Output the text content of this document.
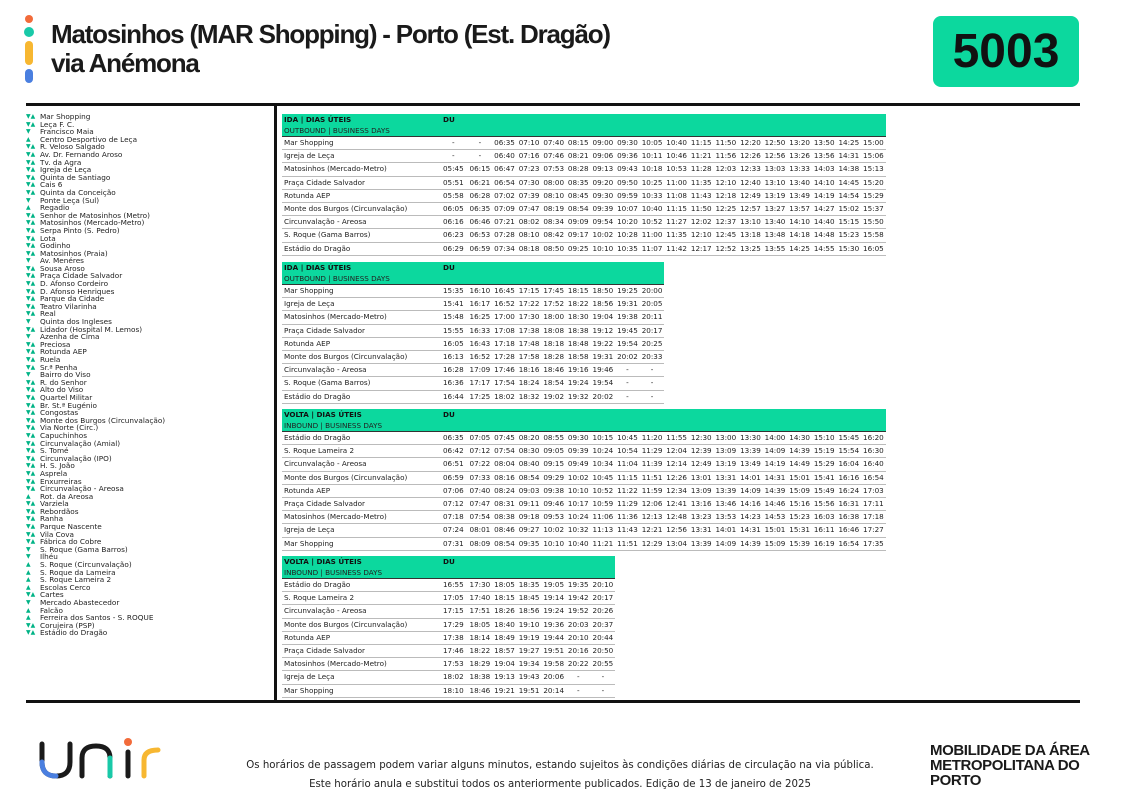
Matosinhos (MAR Shopping) - Porto (Est. Dragão)
via Anémona	5003
▼▲ Mar Shopping
▼▲ Leça F. C.
▼	Francisco Maia
▲	Centro Desportivo de Leça
▼▲ R. Veloso Salgado
▼▲ Av. Dr. Fernando Aroso
▼▲ Tv. da Agra
▼▲ Igreja de Leça
▼▲ Quinta de Santiago
▼▲ Cais 6
▼▲ Quinta da Conceição
▼	Ponte Leça (Sul)
▲	Regadio
▼▲ Senhor de Matosinhos (Metro)
▼▲ Matosinhos (Mercado-Metro)
▼▲ Serpa Pinto (S. Pedro)
▼▲ Lota
▼▲ Godinho
▼▲ Matosinhos (Praia)
▼	Av. Menéres
▼▲ Sousa Aroso
▼▲ Praça Cidade Salvador
▼▲ D. Afonso Cordeiro
▼▲ D. Afonso Henriques
▼▲ Parque da Cidade
▼▲ Teatro Vilarinha
▼▲ Real
▼	Quinta dos Ingleses
▼▲ Lidador (Hospital M. Lemos)
▼	Azenha de Cima
▼▲ Preciosa
▼▲ Rotunda AEP
▼▲ Ruela
▼▲ Sr.ª Penha
▼	Bairro do Viso
▼▲ R. do Senhor
▼▲ Alto do Viso
▼▲ Quartel Militar
▼▲ Br. St.ª Eugénio
▼▲ Congostas
▼▲ Monte dos Burgos (Circunvalação)
▼▲ Via Norte (Circ.)
▼▲ Capuchinhos
▼▲ Circunvalação (Amial)
▼▲ S. Tomé
▼▲ Circunvalação (IPO)
▼▲ H. S. João
▼▲ Asprela
▼▲ Enxurreiras
▼▲ Circunvalação - Areosa
▲	Rot. da Areosa
▼▲ Varziela
▼▲ Rebordãos
▼▲ Ranha
▼▲ Parque Nascente
▼▲ Vila Cova
▼▲ Fábrica do Cobre
▼	S. Roque (Gama Barros)
▼	Ilhéu
▲	S. Roque (Circunvalação)
▲	S. Roque da Lameira
▲	S. Roque Lameira 2
▲	Escolas Cerco
▼▲ Cartes
▼	Mercado Abastecedor
▲	Falcão
▲	Ferreira dos Santos - S. ROQUE
▼▲ Corujeira (PSP)
▼▲ Estádio do Dragão
IDA | DIAS ÚTEIS	DU																	
OUTBOUND | BUSINESS DAYS																		
Mar Shopping	-	-	06:35	07:10	07:40	08:15	09:00	09:30	10:05	10:40	11:15	11:50	12:20	12:50	13:20	13:50	14:25	15:00
Igreja de Leça	-	-	06:40	07:16	07:46	08:21	09:06	09:36	10:11	10:46	11:21	11:56	12:26	12:56	13:26	13:56	14:31	15:06
Matosinhos (Mercado-Metro)	05:45	06:15	06:47	07:23	07:53	08:28	09:13	09:43	10:18	10:53	11:28	12:03	12:33	13:03	13:33	14:03	14:38	15:13
Praça Cidade Salvador	05:51	06:21	06:54	07:30	08:00	08:35	09:20	09:50	10:25	11:00	11:35	12:10	12:40	13:10	13:40	14:10	14:45	15:20
Rotunda AEP	05:58	06:28	07:02	07:39	08:10	08:45	09:30	09:59	10:33	11:08	11:43	12:18	12:49	13:19	13:49	14:19	14:54	15:29
Monte dos Burgos (Circunvalação)	06:05	06:35	07:09	07:47	08:19	08:54	09:39	10:07	10:40	11:15	11:50	12:25	12:57	13:27	13:57	14:27	15:02	15:37
Circunvalação - Areosa	06:16	06:46	07:21	08:02	08:34	09:09	09:54	10:20	10:52	11:27	12:02	12:37	13:10	13:40	14:10	14:40	15:15	15:50
S. Roque (Gama Barros)	06:23	06:53	07:28	08:10	08:42	09:17	10:02	10:28	11:00	11:35	12:10	12:45	13:18	13:48	14:18	14:48	15:23	15:58
Estádio do Dragão	06:29	06:59	07:34	08:18	08:50	09:25	10:10	10:35	11:07	11:42	12:17	12:52	13:25	13:55	14:25	14:55	15:30	16:05
IDA | DIAS ÚTEIS	DU								
OUTBOUND | BUSINESS DAYS									
Mar Shopping	15:35	16:10	16:45	17:15	17:45	18:15	18:50	19:25	20:00
Igreja de Leça	15:41	16:17	16:52	17:22	17:52	18:22	18:56	19:31	20:05
Matosinhos (Mercado-Metro)	15:48	16:25	17:00	17:30	18:00	18:30	19:04	19:38	20:11
Praça Cidade Salvador	15:55	16:33	17:08	17:38	18:08	18:38	19:12	19:45	20:17
Rotunda AEP	16:05	16:43	17:18	17:48	18:18	18:48	19:22	19:54	20:25
Monte dos Burgos (Circunvalação)	16:13	16:52	17:28	17:58	18:28	18:58	19:31	20:02	20:33
Circunvalação - Areosa	16:28	17:09	17:46	18:16	18:46	19:16	19:46	-	-
S. Roque (Gama Barros)	16:36	17:17	17:54	18:24	18:54	19:24	19:54	-	-
Estádio do Dragão	16:44	17:25	18:02	18:32	19:02	19:32	20:02	-	-
VOLTA | DIAS ÚTEIS	DU																	
INBOUND | BUSINESS DAYS																		
Estádio do Dragão	06:35	07:05	07:45	08:20	08:55	09:30	10:15	10:45	11:20	11:55	12:30	13:00	13:30	14:00	14:30	15:10	15:45	16:20
S. Roque Lameira 2	06:42	07:12	07:54	08:30	09:05	09:39	10:24	10:54	11:29	12:04	12:39	13:09	13:39	14:09	14:39	15:19	15:54	16:30
Circunvalação - Areosa	06:51	07:22	08:04	08:40	09:15	09:49	10:34	11:04	11:39	12:14	12:49	13:19	13:49	14:19	14:49	15:29	16:04	16:40
Monte dos Burgos (Circunvalação)	06:59	07:33	08:16	08:54	09:29	10:02	10:45	11:15	11:51	12:26	13:01	13:31	14:01	14:31	15:01	15:41	16:16	16:54
Rotunda AEP	07:06	07:40	08:24	09:03	09:38	10:10	10:52	11:22	11:59	12:34	13:09	13:39	14:09	14:39	15:09	15:49	16:24	17:03
Praça Cidade Salvador	07:12	07:47	08:31	09:11	09:46	10:17	10:59	11:29	12:06	12:41	13:16	13:46	14:16	14:46	15:16	15:56	16:31	17:11
Matosinhos (Mercado-Metro)	07:18	07:54	08:38	09:18	09:53	10:24	11:06	11:36	12:13	12:48	13:23	13:53	14:23	14:53	15:23	16:03	16:38	17:18
Igreja de Leça	07:24	08:01	08:46	09:27	10:02	10:32	11:13	11:43	12:21	12:56	13:31	14:01	14:31	15:01	15:31	16:11	16:46	17:27
Mar Shopping	07:31	08:09	08:54	09:35	10:10	10:40	11:21	11:51	12:29	13:04	13:39	14:09	14:39	15:09	15:39	16:19	16:54	17:35
VOLTA | DIAS ÚTEIS	DU						
INBOUND | BUSINESS DAYS							
Estádio do Dragão	16:55	17:30	18:05	18:35	19:05	19:35	20:10
S. Roque Lameira 2	17:05	17:40	18:15	18:45	19:14	19:42	20:17
Circunvalação - Areosa	17:15	17:51	18:26	18:56	19:24	19:52	20:26
Monte dos Burgos (Circunvalação)	17:29	18:05	18:40	19:10	19:36	20:03	20:37
Rotunda AEP	17:38	18:14	18:49	19:19	19:44	20:10	20:44
Praça Cidade Salvador	17:46	18:22	18:57	19:27	19:51	20:16	20:50
Matosinhos (Mercado-Metro)	17:53	18:29	19:04	19:34	19:58	20:22	20:55
Igreja de Leça	18:02	18:38	19:13	19:43	20:06	-	-
Mar Shopping	18:10	18:46	19:21	19:51	20:14	-	-
Os horários de passagem podem variar alguns minutos, estando sujeitos às condições diárias de circulação na via pública.
Este horário anula e substitui todos os anteriormente publicados. Edição de 13 de janeiro de 2025
MOBILIDADE DA ÁREA
METROPOLITANA DO PORTO
